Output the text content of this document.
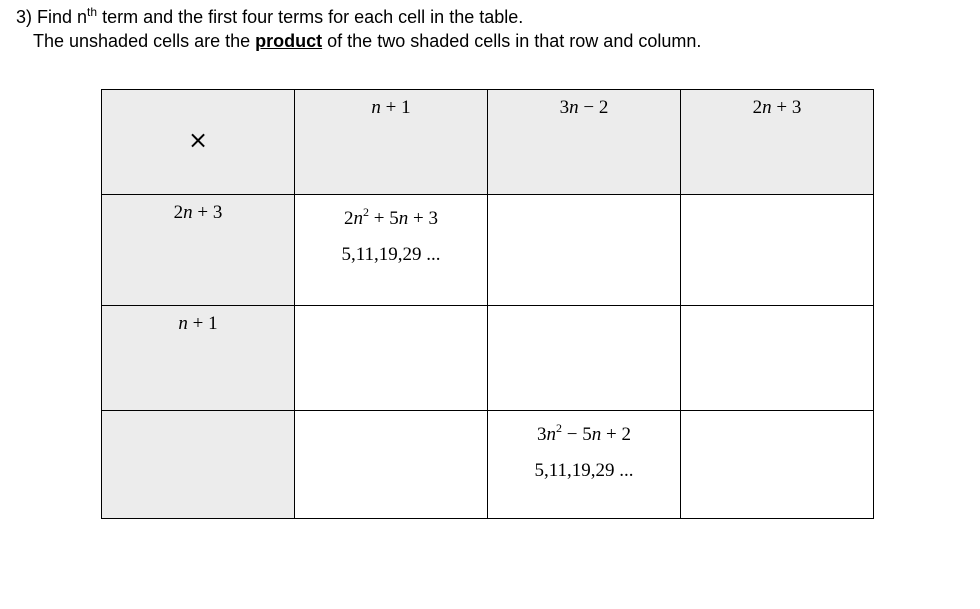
3) Find $n^{th}$ term and the first four terms for each cell in the table.
The unshaded cells are the product of the two shaded cells in that row and column.
×	n + 1	3n − 2	2n + 3

2n + 3	$2n^2 + 5n + 3$
5,11,19,29 ...		

n + 1			

		$3n^2 - 5n + 2$
5,11,19,29 ...	
